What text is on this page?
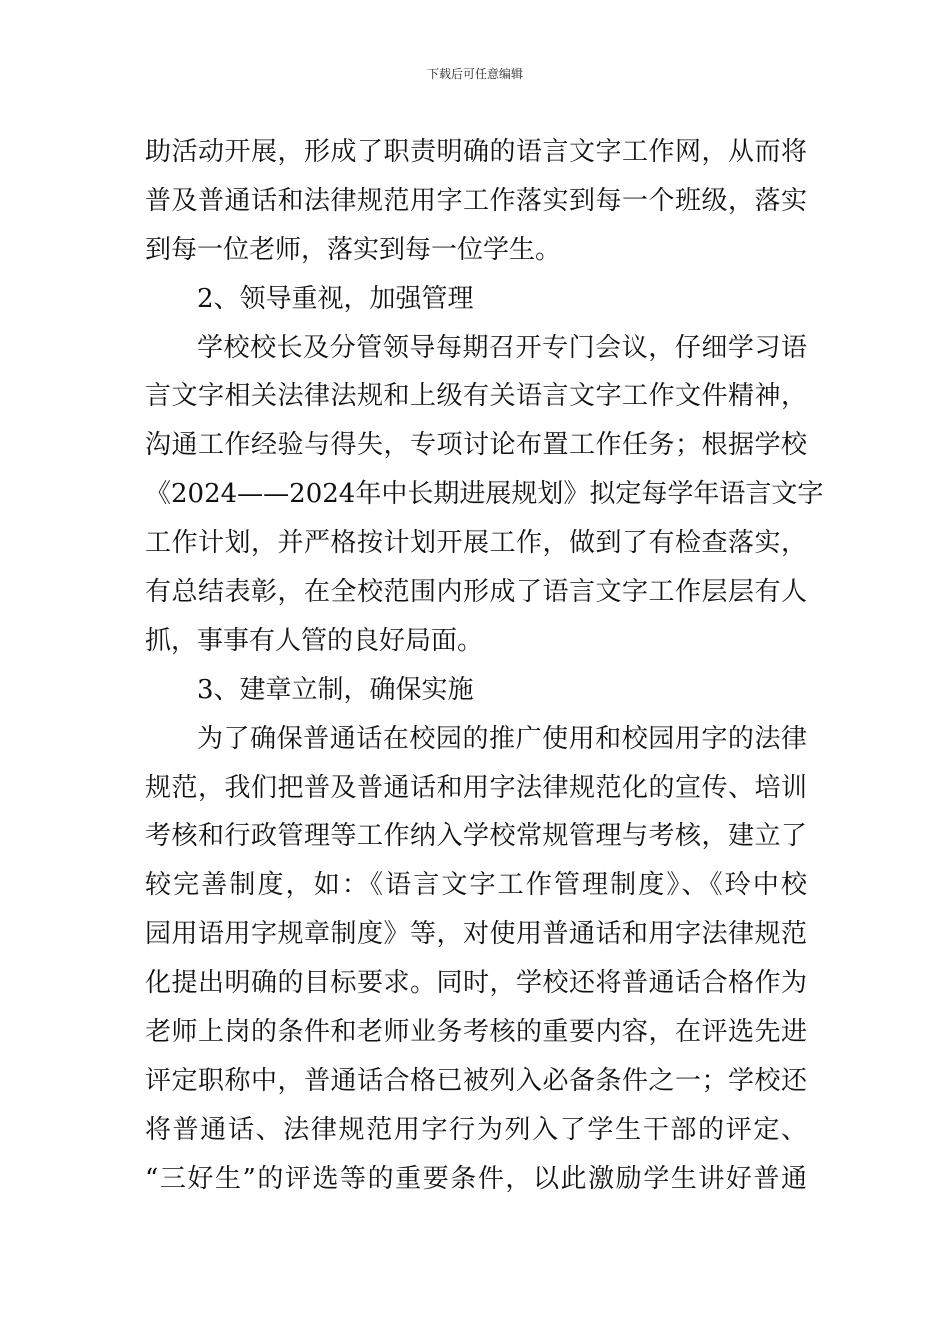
下载后可任意编辑
助活动开展，形成了职责明确的语言文字工作网，从而将
普及普通话和法律规范用字工作落实到每一个班级，落实
到每一位老师，落实到每一位学生。
2、领导重视，加强管理
学校校长及分管领导每期召开专门会议，仔细学习语
言文字相关法律法规和上级有关语言文字工作文件精神，
沟通工作经验与得失，专项讨论布置工作任务；根据学校
《2024——2024年中长期进展规划》拟定每学年语言文字
工作计划，并严格按计划开展工作，做到了有检查落实，
有总结表彰，在全校范围内形成了语言文字工作层层有人
抓，事事有人管的良好局面。
3、建章立制，确保实施
为了确保普通话在校园的推广使用和校园用字的法律
规范，我们把普及普通话和用字法律规范化的宣传、培训
考核和行政管理等工作纳入学校常规管理与考核，建立了
较完善制度，如：《语言文字工作管理制度》、《玲中校
园用语用字规章制度》等，对使用普通话和用字法律规范
化提出明确的目标要求。同时，学校还将普通话合格作为
老师上岗的条件和老师业务考核的重要内容，在评选先进
评定职称中，普通话合格已被列入必备条件之一；学校还
将普通话、法律规范用字行为列入了学生干部的评定、
“三好生”的评选等的重要条件，以此激励学生讲好普通
